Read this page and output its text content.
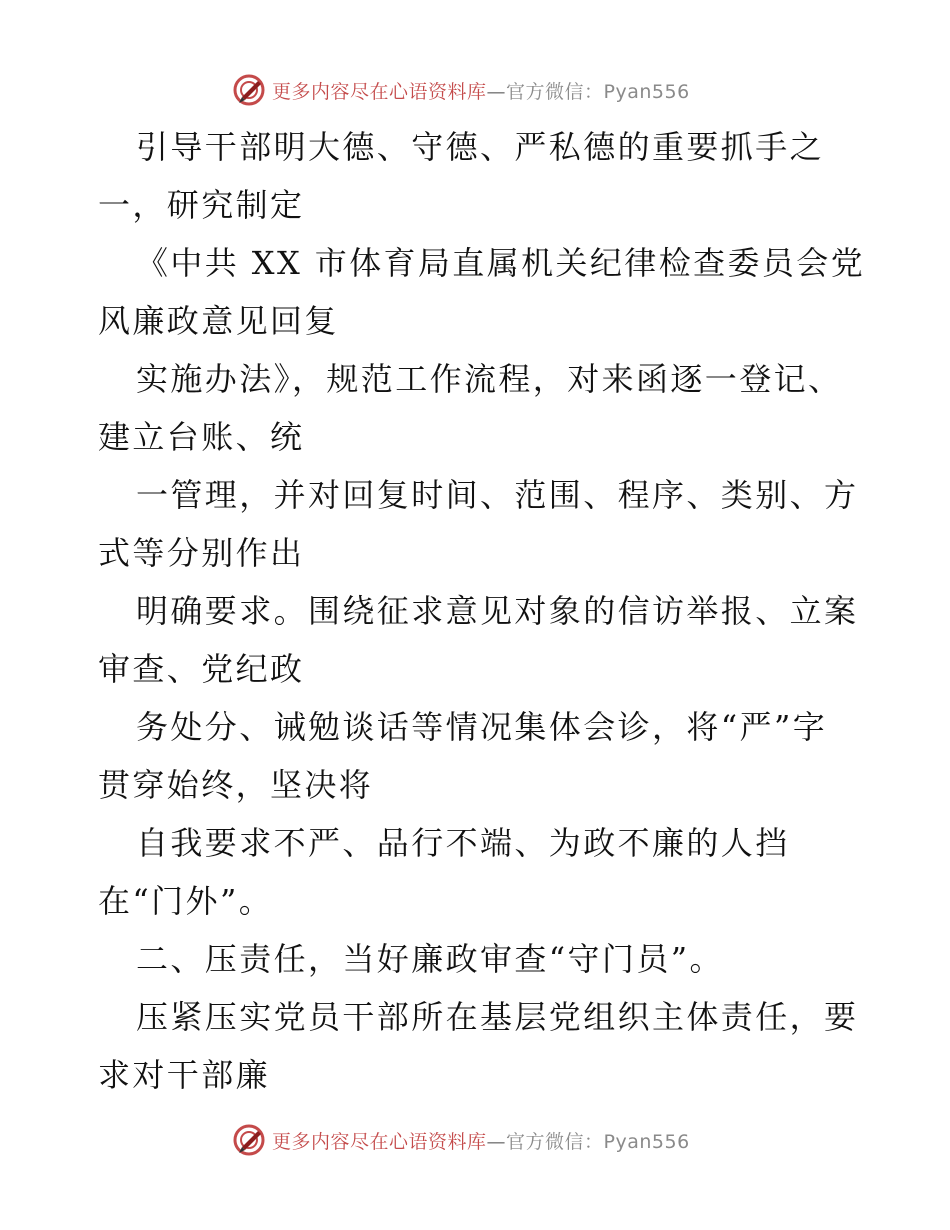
更多内容尽在心语资料库—官方微信：Pyan556
引导干部明大德、守德、严私德的重要抓手之
一，研究制定
《中共 XX 市体育局直属机关纪律检查委员会党
风廉政意见回复
实施办法》，规范工作流程，对来函逐一登记、
建立台账、统
一管理，并对回复时间、范围、程序、类别、方
式等分别作出
明确要求。围绕征求意见对象的信访举报、立案
审查、党纪政
务处分、诫勉谈话等情况集体会诊，将“严”字
贯穿始终，坚决将
自我要求不严、品行不端、为政不廉的人挡
在“门外”。
二、压责任，当好廉政审查“守门员”。
压紧压实党员干部所在基层党组织主体责任，要
求对干部廉
更多内容尽在心语资料库—官方微信：Pyan556
